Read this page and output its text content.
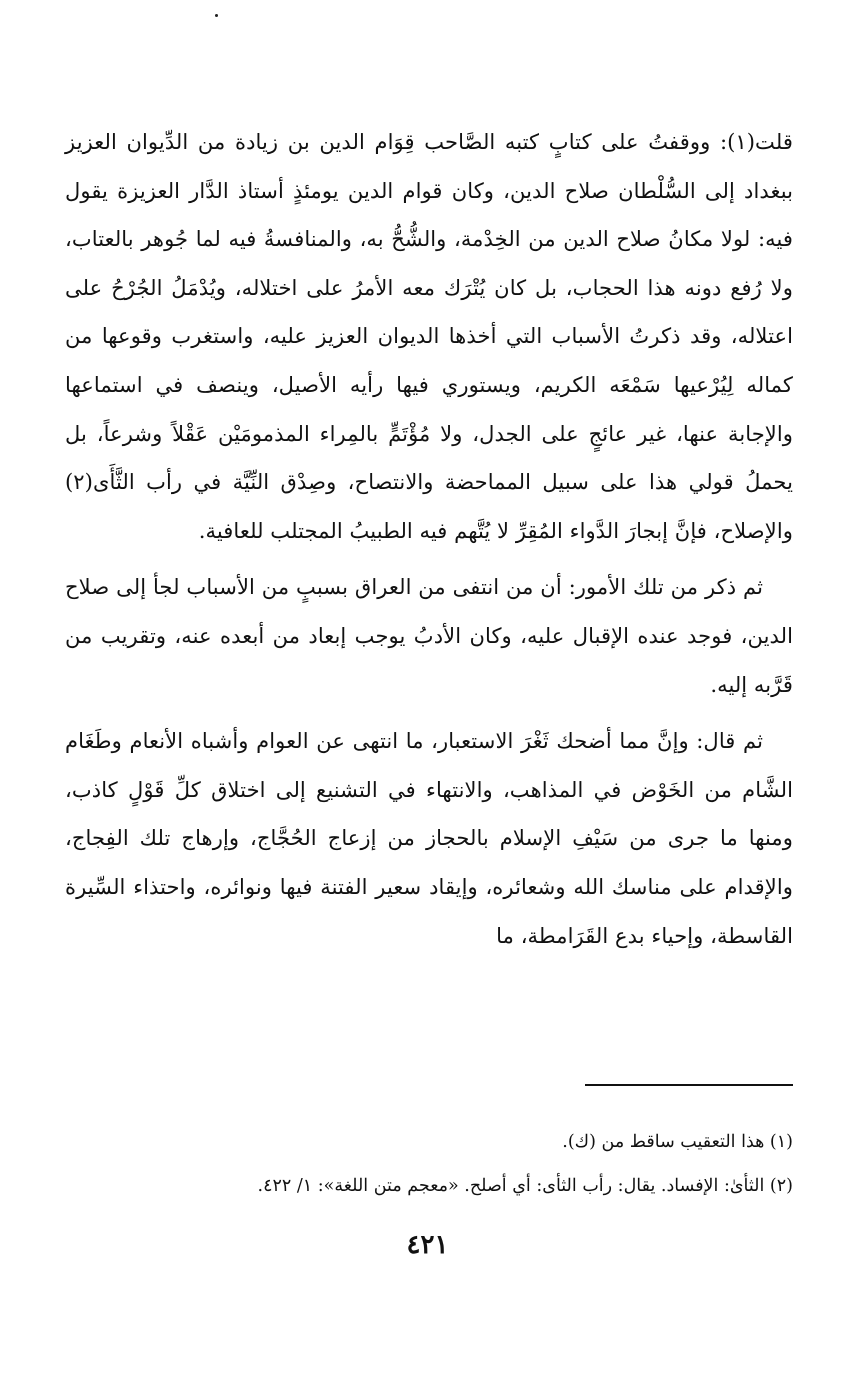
قلت(١): ووقفتُ على كتابٍ كتبه الصَّاحب قِوَام الدين بن زيادة من الدِّيوان العزيز ببغداد إلى السُّلْطان صلاح الدين، وكان قوام الدين يومئذٍ أستاذ الدَّار العزيزة يقول فيه: لولا مكانُ صلاح الدين من الخِدْمة، والشُّحُّ به، والمنافسةُ فيه لما جُوهر بالعتاب، ولا رُفع دونه هذا الحجاب، بل كان يُتْرَك معه الأمرُ على اختلاله، ويُدْمَلُ الجُرْحُ على اعتلاله، وقد ذكرتُ الأسباب التي أخذها الديوان العزيز عليه، واستغرب وقوعها من كماله لِيُرْعيها سَمْعَه الكريم، ويستوري فيها رأيه الأصيل، وينصف في استماعها والإجابة عنها، غير عائجٍ على الجدل، ولا مُؤْتَمٍّ بالمِراء المذمومَيْن عَقْلاً وشرعاً، بل يحملُ قولي هذا على سبيل المماحضة والانتصاح، وصِدْق النِّيَّة في رأب الثَّأَى(٢) والإصلاح، فإنَّ إبجارَ الدَّواء المُقِرِّ لا يُتَّهم فيه الطبيبُ المجتلب للعافية.

ثم ذكر من تلك الأمور: أن من انتفى من العراق بسببٍ من الأسباب لجأ إلى صلاح الدين، فوجد عنده الإقبال عليه، وكان الأدبُ يوجب إبعاد من أبعده عنه، وتقريب من قَرَّبه إليه.

ثم قال: وإنَّ مما أضحك ثَغْرَ الاستعبار، ما انتهى عن العوام وأشباه الأنعام وطَغَام الشَّام من الخَوْض في المذاهب، والانتهاء في التشنيع إلى اختلاق كلِّ قَوْلٍ كاذب، ومنها ما جرى من سَيْفِ الإسلام بالحجاز من إزعاج الحُجَّاج، وإرهاج تلك الفِجاج، والإقدام على مناسك الله وشعائره، وإيقاد سعير الفتنة فيها ونوائره، واحتذاء السِّيرة القاسطة، وإحياء بدع القَرَامطة، ما

(١) هذا التعقيب ساقط من (ك).

(٢) الثأىٰ: الإفساد. يقال: رأب الثأى: أي أصلح. «معجم متن اللغة»: ١/ ٤٢٢.

٤٢١
